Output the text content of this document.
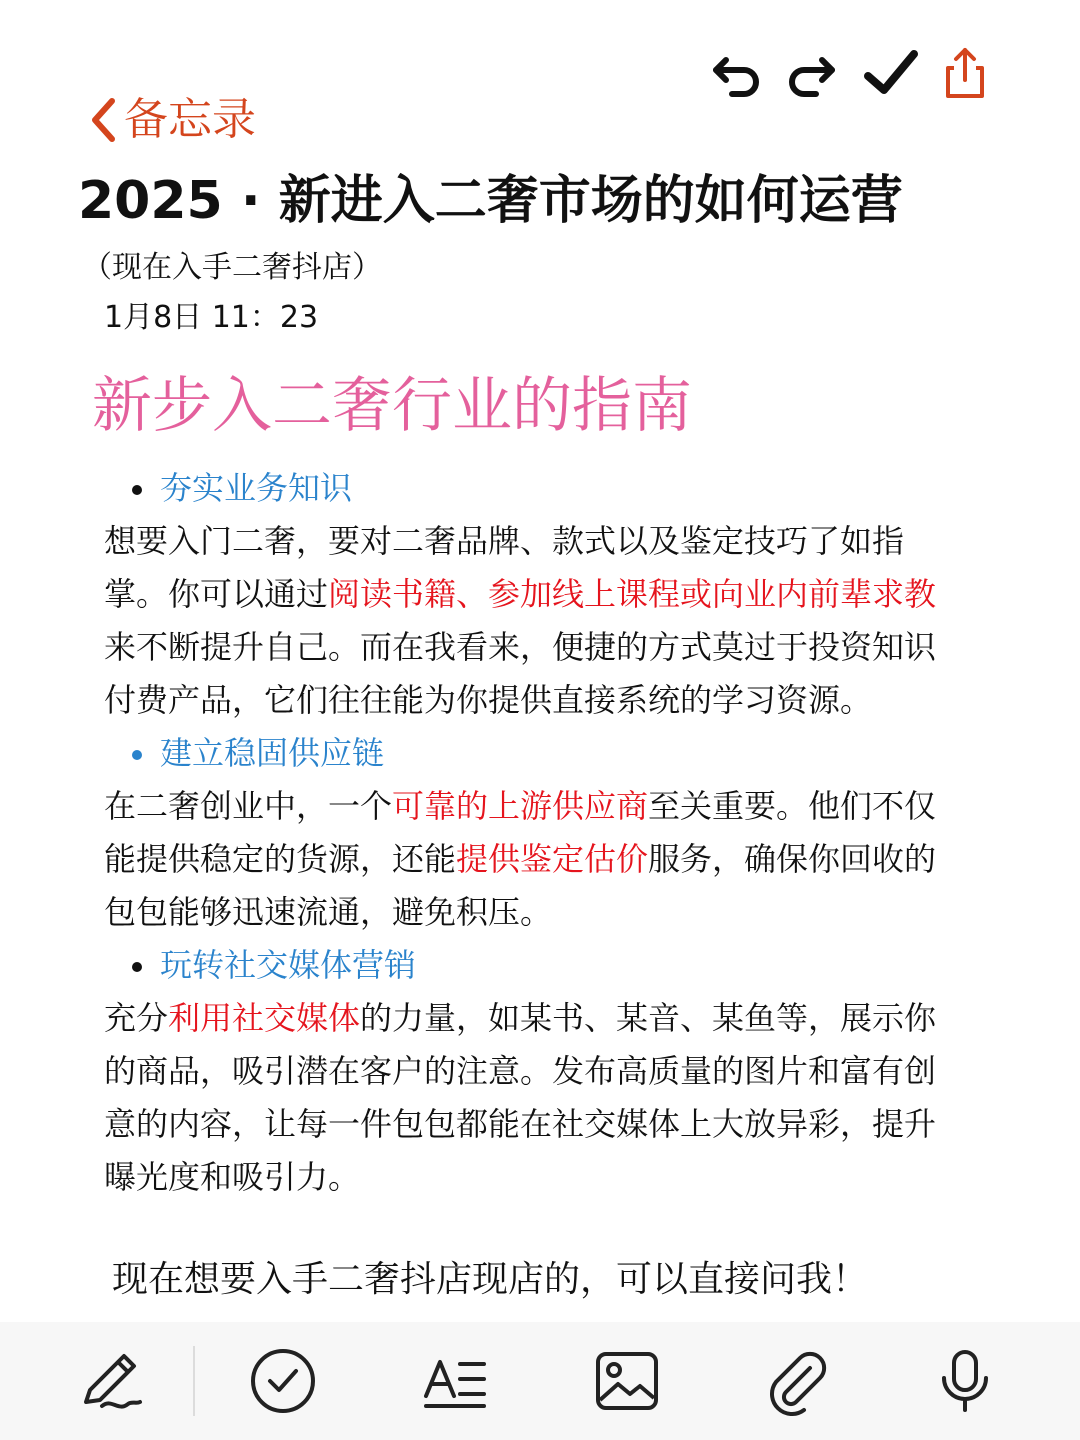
备忘录
2025 · 新进入二奢市场的如何运营
（现在入手二奢抖店）
1月8日 11：23
新步入二奢行业的指南
夯实业务知识

想要入门二奢，要对二奢品牌、款式以及鉴定技巧了如指掌。你可以通过阅读书籍、参加线上课程或向业内前辈求教来不断提升自己。而在我看来，便捷的方式莫过于投资知识付费产品，它们往往能为你提供直接系统的学习资源。

建立稳固供应链

在二奢创业中，一个可靠的上游供应商至关重要。他们不仅能提供稳定的货源，还能提供鉴定估价服务，确保你回收的包包能够迅速流通，避免积压。

玩转社交媒体营销

充分利用社交媒体的力量，如某书、某音、某鱼等，展示你的商品，吸引潜在客户的注意。发布高质量的图片和富有创意的内容，让每一件包包都能在社交媒体上大放异彩，提升曝光度和吸引力。

现在想要入手二奢抖店现店的，可以直接问我！
